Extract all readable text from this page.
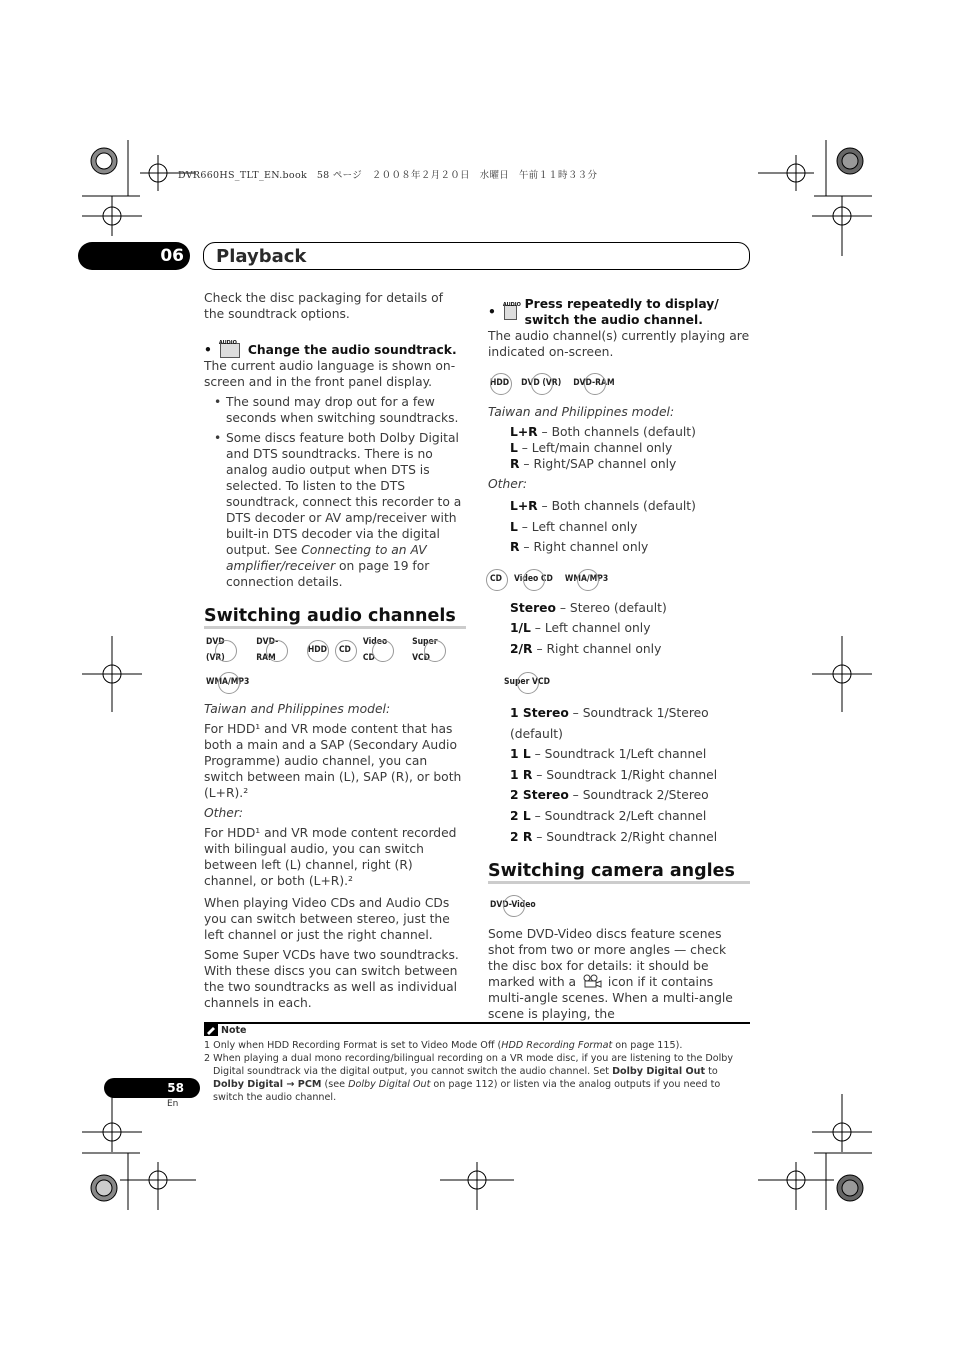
DVR660HS_TLT_EN.book　58 ページ　２００８年２月２０日　水曜日　午前１１時３３分
06	Playback
Check the disc packaging for details of the soundtrack options.
•
AUDIO	Change the audio soundtrack.
The current audio language is shown on-screen and in the front panel display.
• The sound may drop out for a few seconds when switching soundtracks.
• Some discs feature both Dolby Digital and DTS soundtracks. There is no analog audio output when DTS is selected. To listen to the DTS soundtrack, connect this recorder to a DTS decoder or AV amp/receiver with built-in DTS decoder via the digital output. See Connecting to an AV amplifier/receiver on page 19 for connection details.
Switching audio channels
DVD (VR)
DVD-RAM
HDD CD
Video CD
Super VCD
WMA/MP3
Taiwan and Philippines model:
For HDD¹ and VR mode content that has both a main and a SAP (Secondary Audio Programme) audio channel, you can switch between main (L), SAP (R), or both (L+R).²
Other:
For HDD¹ and VR mode content recorded with bilingual audio, you can switch between left (L) channel, right (R) channel, or both (L+R).²
When playing Video CDs and Audio CDs you can switch between stereo, just the left channel or just the right channel.
Some Super VCDs have two soundtracks. With these discs you can switch between the two soundtracks as well as individual channels in each.
•
AUDIO
Press repeatedly to display/ switch the audio channel.
The audio channel(s) currently playing are indicated on-screen.
HDD DVD (VR) DVD-RAM
Taiwan and Philippines model:
L+R – Both channels (default)
L – Left/main channel only
R – Right/SAP channel only
Other:
L+R – Both channels (default)
L – Left channel only
R – Right channel only
CD Video CD WMA/MP3
Stereo – Stereo (default)
1/L – Left channel only
2/R – Right channel only
Super VCD
1 Stereo – Soundtrack 1/Stereo (default)
1 L – Soundtrack 1/Left channel
1 R – Soundtrack 1/Right channel
2 Stereo – Soundtrack 2/Stereo
2 L – Soundtrack 2/Left channel
2 R – Soundtrack 2/Right channel
Switching camera angles
DVD-Video
Some DVD-Video discs feature scenes shot from two or more angles — check the disc box for details: it should be marked with a	icon if it contains multi-angle scenes. When a multi-angle scene is playing, the
Note
1 Only when HDD Recording Format is set to Video Mode Off (HDD Recording Format on page 115).
2 When playing a dual mono recording/bilingual recording on a VR mode disc, if you are listening to the Dolby Digital soundtrack via the digital output, you cannot switch the audio channel. Set Dolby Digital Out to Dolby Digital → PCM (see Dolby Digital Out on page 112) or listen via the analog outputs if you need to switch the audio channel.
58
En
